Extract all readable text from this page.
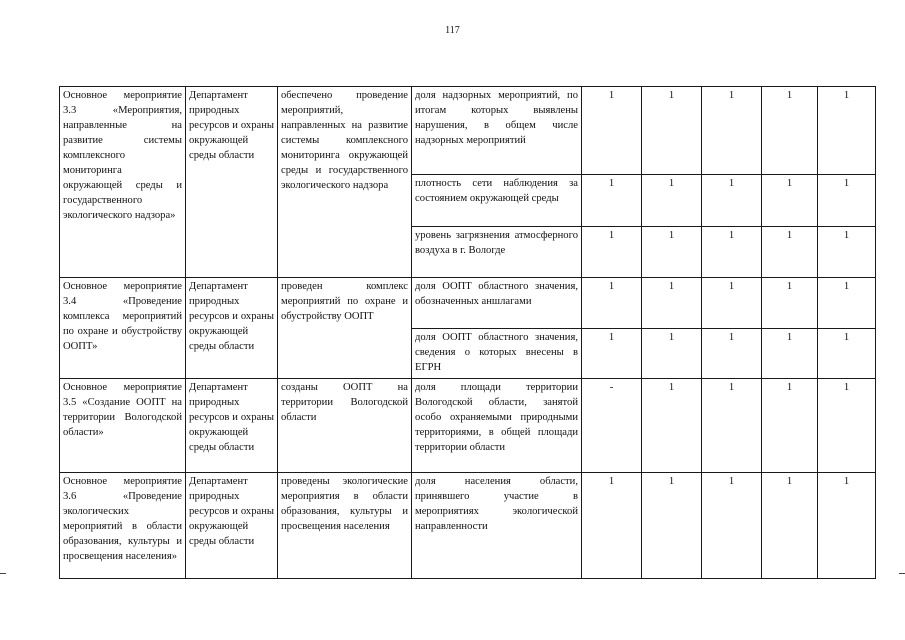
117
Основное мероприятие 3.3 «Мероприятия, направленные на развитие системы комплексного мониторинга окружающей среды и государственного экологического надзора»	Департамент природных ресурсов и охраны окружающей среды области	обеспечено проведение мероприятий, направленных на развитие системы комплексного мониторинга окружающей среды и государственного экологического надзора	доля надзорных мероприятий, по итогам которых выявлены нарушения, в общем числе надзорных мероприятий	1	1	1	1	1
			плотность сети наблюдения за состоянием окружающей среды	1	1	1	1	1
			уровень загрязнения атмосферного воздуха в г. Вологде	1	1	1	1	1
Основное мероприятие 3.4 «Проведение комплекса мероприятий по охране и обустройству ООПТ»	Департамент природных ресурсов и охраны окружающей среды области	проведен комплекс мероприятий по охране и обустройству ООПТ	доля ООПТ областного значения, обозначенных аншлагами	1	1	1	1	1
			доля ООПТ областного значения, сведения о которых внесены в ЕГРН	1	1	1	1	1
Основное мероприятие 3.5 «Создание ООПТ на территории Вологодской области»	Департамент природных ресурсов и охраны окружающей среды области	созданы ООПТ на территории Вологодской области	доля площади территории Вологодской области, занятой особо охраняемыми природными территориями, в общей площади территории области	-	1	1	1	1
Основное мероприятие 3.6 «Проведение экологических мероприятий в области образования, культуры и просвещения населения»	Департамент природных ресурсов и охраны окружающей среды области	проведены экологические мероприятия в области образования, культуры и просвещения населения	доля населения области, принявшего участие в мероприятиях экологической направленности	1	1	1	1	1
